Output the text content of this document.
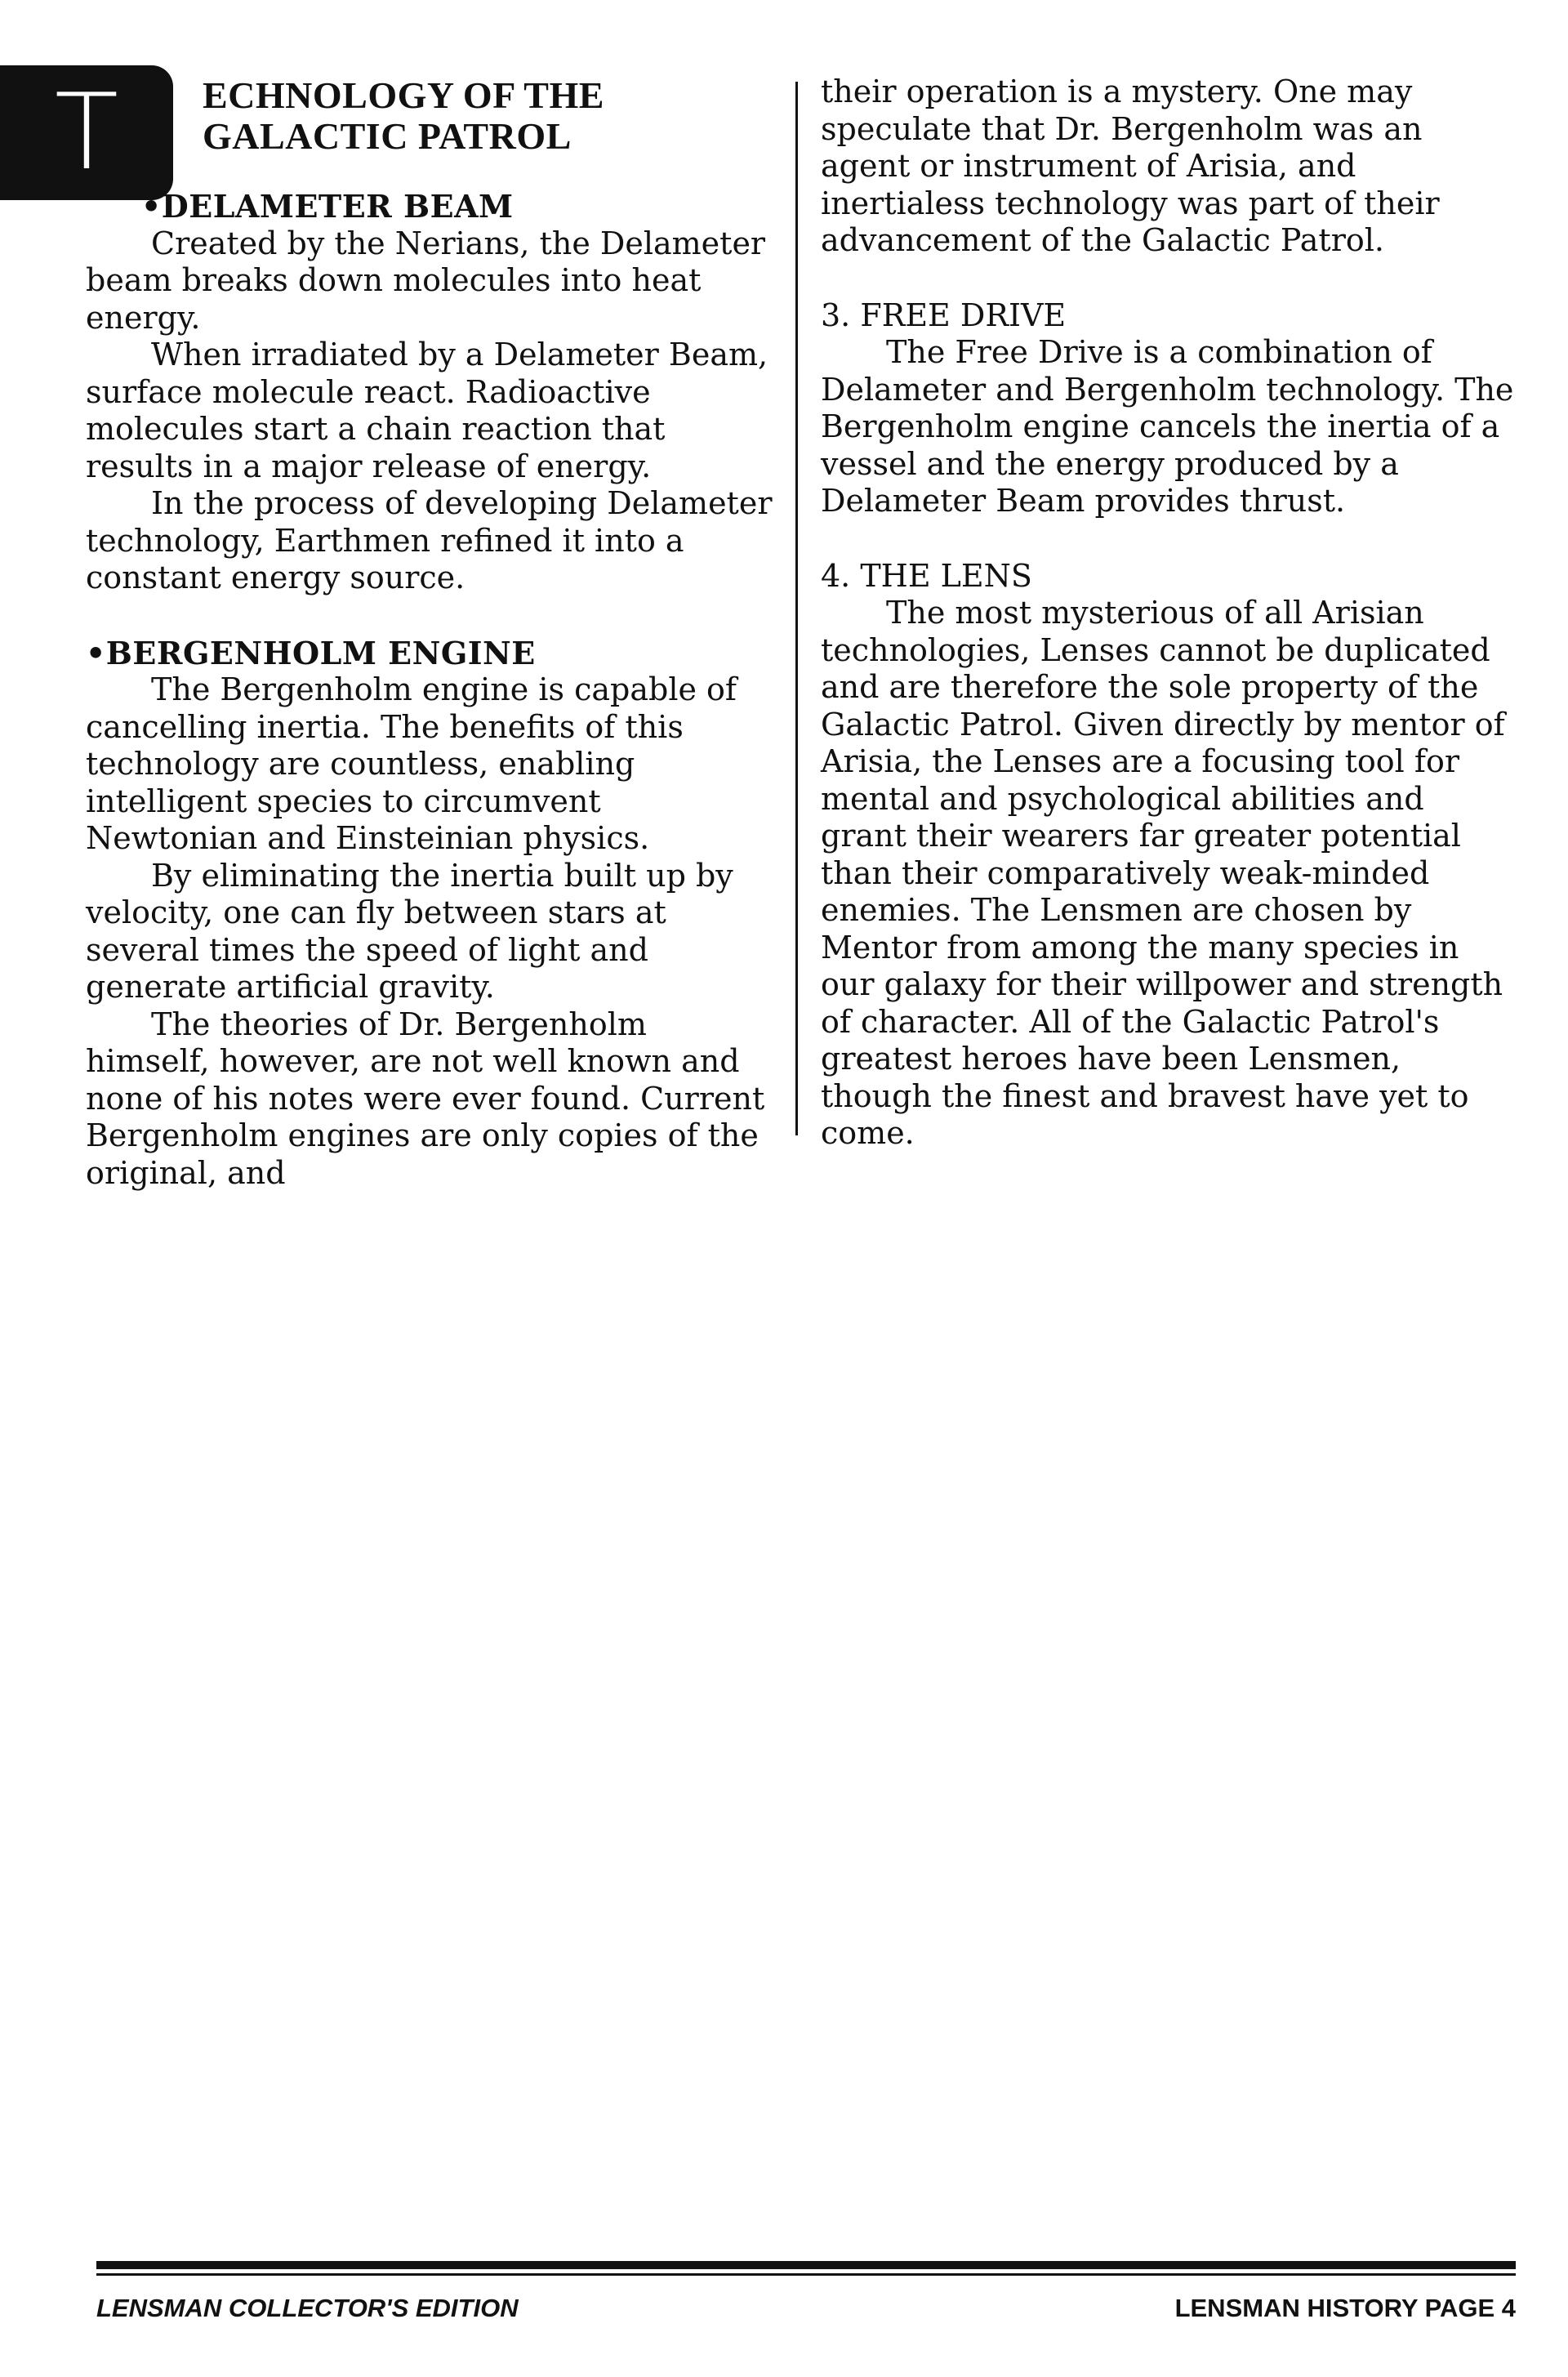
T	ECHNOLOGY OF THE
GALACTIC PATROL

•DELAMETER BEAM

Created by the Nerians, the Delameter beam breaks down molecules into heat energy.

When irradiated by a Delameter Beam, surface molecule react. Radioactive molecules start a chain reaction that results in a major release of energy.

In the process of developing Delameter technology, Earthmen refined it into a constant energy source.

•BERGENHOLM ENGINE

The Bergenholm engine is capable of cancelling inertia. The benefits of this technology are countless, enabling intelligent species to circumvent Newtonian and Einsteinian physics.

By eliminating the inertia built up by velocity, one can fly between stars at several times the speed of light and generate artificial gravity.

The theories of Dr. Bergenholm himself, however, are not well known and none of his notes were ever found. Current Bergenholm engines are only copies of the original, and

their operation is a mystery. One may speculate that Dr. Bergenholm was an agent or instrument of Arisia, and inertialess technology was part of their advancement of the Galactic Patrol.

3. FREE DRIVE

The Free Drive is a combination of Delameter and Bergenholm technology. The Bergenholm engine cancels the inertia of a vessel and the energy produced by a Delameter Beam provides thrust.

4. THE LENS

The most mysterious of all Arisian technologies, Lenses cannot be duplicated and are therefore the sole property of the Galactic Patrol. Given directly by mentor of Arisia, the Lenses are a focusing tool for mental and psychological abilities and grant their wearers far greater potential than their comparatively weak-minded enemies. The Lensmen are chosen by Mentor from among the many species in our galaxy for their willpower and strength of character. All of the Galactic Patrol's greatest heroes have been Lensmen, though the finest and bravest have yet to come.

LENSMAN COLLECTOR'S EDITION	LENSMAN HISTORY PAGE 4
